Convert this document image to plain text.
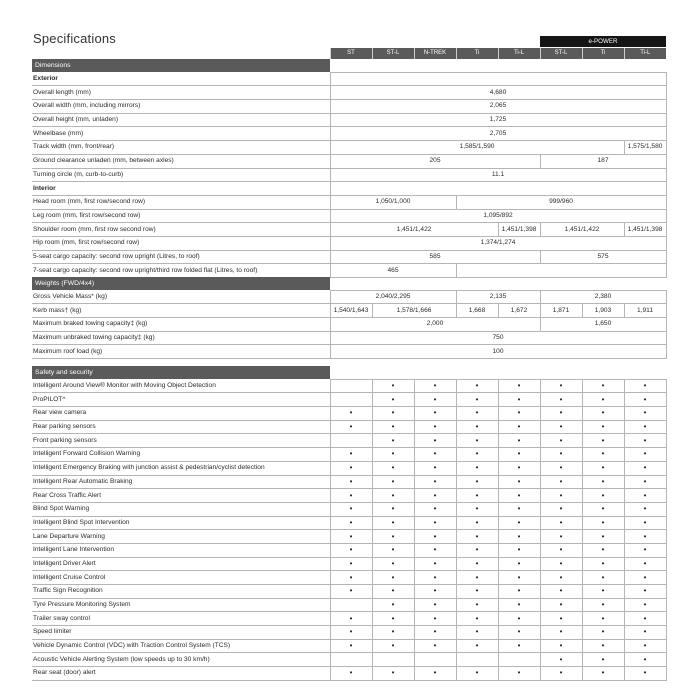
Specifications	e-POWER
	ST	ST-L	N-TREK	Ti	Ti-L	ST-L	Ti	Ti-L
Dimensions								
Exterior								
Overall length (mm)	4,680							
Overall width (mm, including mirrors)	2,065							
Overall height (mm, unladen)	1,725							
Wheelbase (mm)	2,705							
Track width (mm, front/rear)	1,585/1,590							1,575/1,580
Ground clearance unladen (mm, between axles)	205					187		
Turning circle (m, curb-to-curb)	11.1							
Interior								
Head room (mm, first row/second row)	1,050/1,000			999/960				
Leg room (mm, first row/second row)	1,095/892							
Shoulder room (mm, first row second row)	1,451/1,422				1,451/1,398	1,451/1,422		1,451/1,398
Hip room (mm, first row/second row)	1,374/1,274							
5-seat cargo capacity: second row upright (Litres, to roof)	585					575		
7-seat cargo capacity: second row upright/third row folded flat (Litres, to roof)	465							
Weights (FWD/4x4)							
Gross Vehicle Mass* (kg)	2,040/2,295		2,135		2,380		
Kerb mass† (kg)	1,540/1,643	1,578/1,666	1,668	1,672	1,871	1,903	1,911
Maximum braked towing capacity‡ (kg)	2,000				1,650		
Maximum unbraked towing capacity‡ (kg)	750						
Maximum roof load (kg)	100						
Safety and security								
Intelligent Around View® Monitor with Moving Object Detection		•	•	•	•	•	•	•
ProPILOT^		•	•	•	•	•	•	•
Rear view camera	•	•	•	•	•	•	•	•
Rear parking sensors	•	•	•	•	•	•	•	•
Front parking sensors		•	•	•	•	•	•	•
Intelligent Forward Collision Warning	•	•	•	•	•	•	•	•
Intelligent Emergency Braking with junction assist & pedestrian/cyclist detection	•	•	•	•	•	•	•	•
Intelligent Rear Automatic Braking	•	•	•	•	•	•	•	•
Rear Cross Traffic Alert	•	•	•	•	•	•	•	•
Blind Spot Warning	•	•	•	•	•	•	•	•
Intelligent Blind Spot Intervention	•	•	•	•	•	•	•	•
Lane Departure Warning	•	•	•	•	•	•	•	•
Intelligent Lane Intervention	•	•	•	•	•	•	•	•
Intelligent Driver Alert	•	•	•	•	•	•	•	•
Intelligent Cruise Control	•	•	•	•	•	•	•	•
Traffic Sign Recognition	•	•	•	•	•	•	•	•
Tyre Pressure Monitoring System		•	•	•	•	•	•	•
Trailer sway control	•	•	•	•	•	•	•	•
Speed limiter	•	•	•	•	•	•	•	•
Vehicle Dynamic Control (VDC) with Traction Control System (TCS)	•	•	•	•	•	•	•	•
Acoustic Vehicle Alerting System (low speeds up to 30 km/h)						•	•	•
Rear seat (door) alert	•	•	•	•	•	•	•	•
